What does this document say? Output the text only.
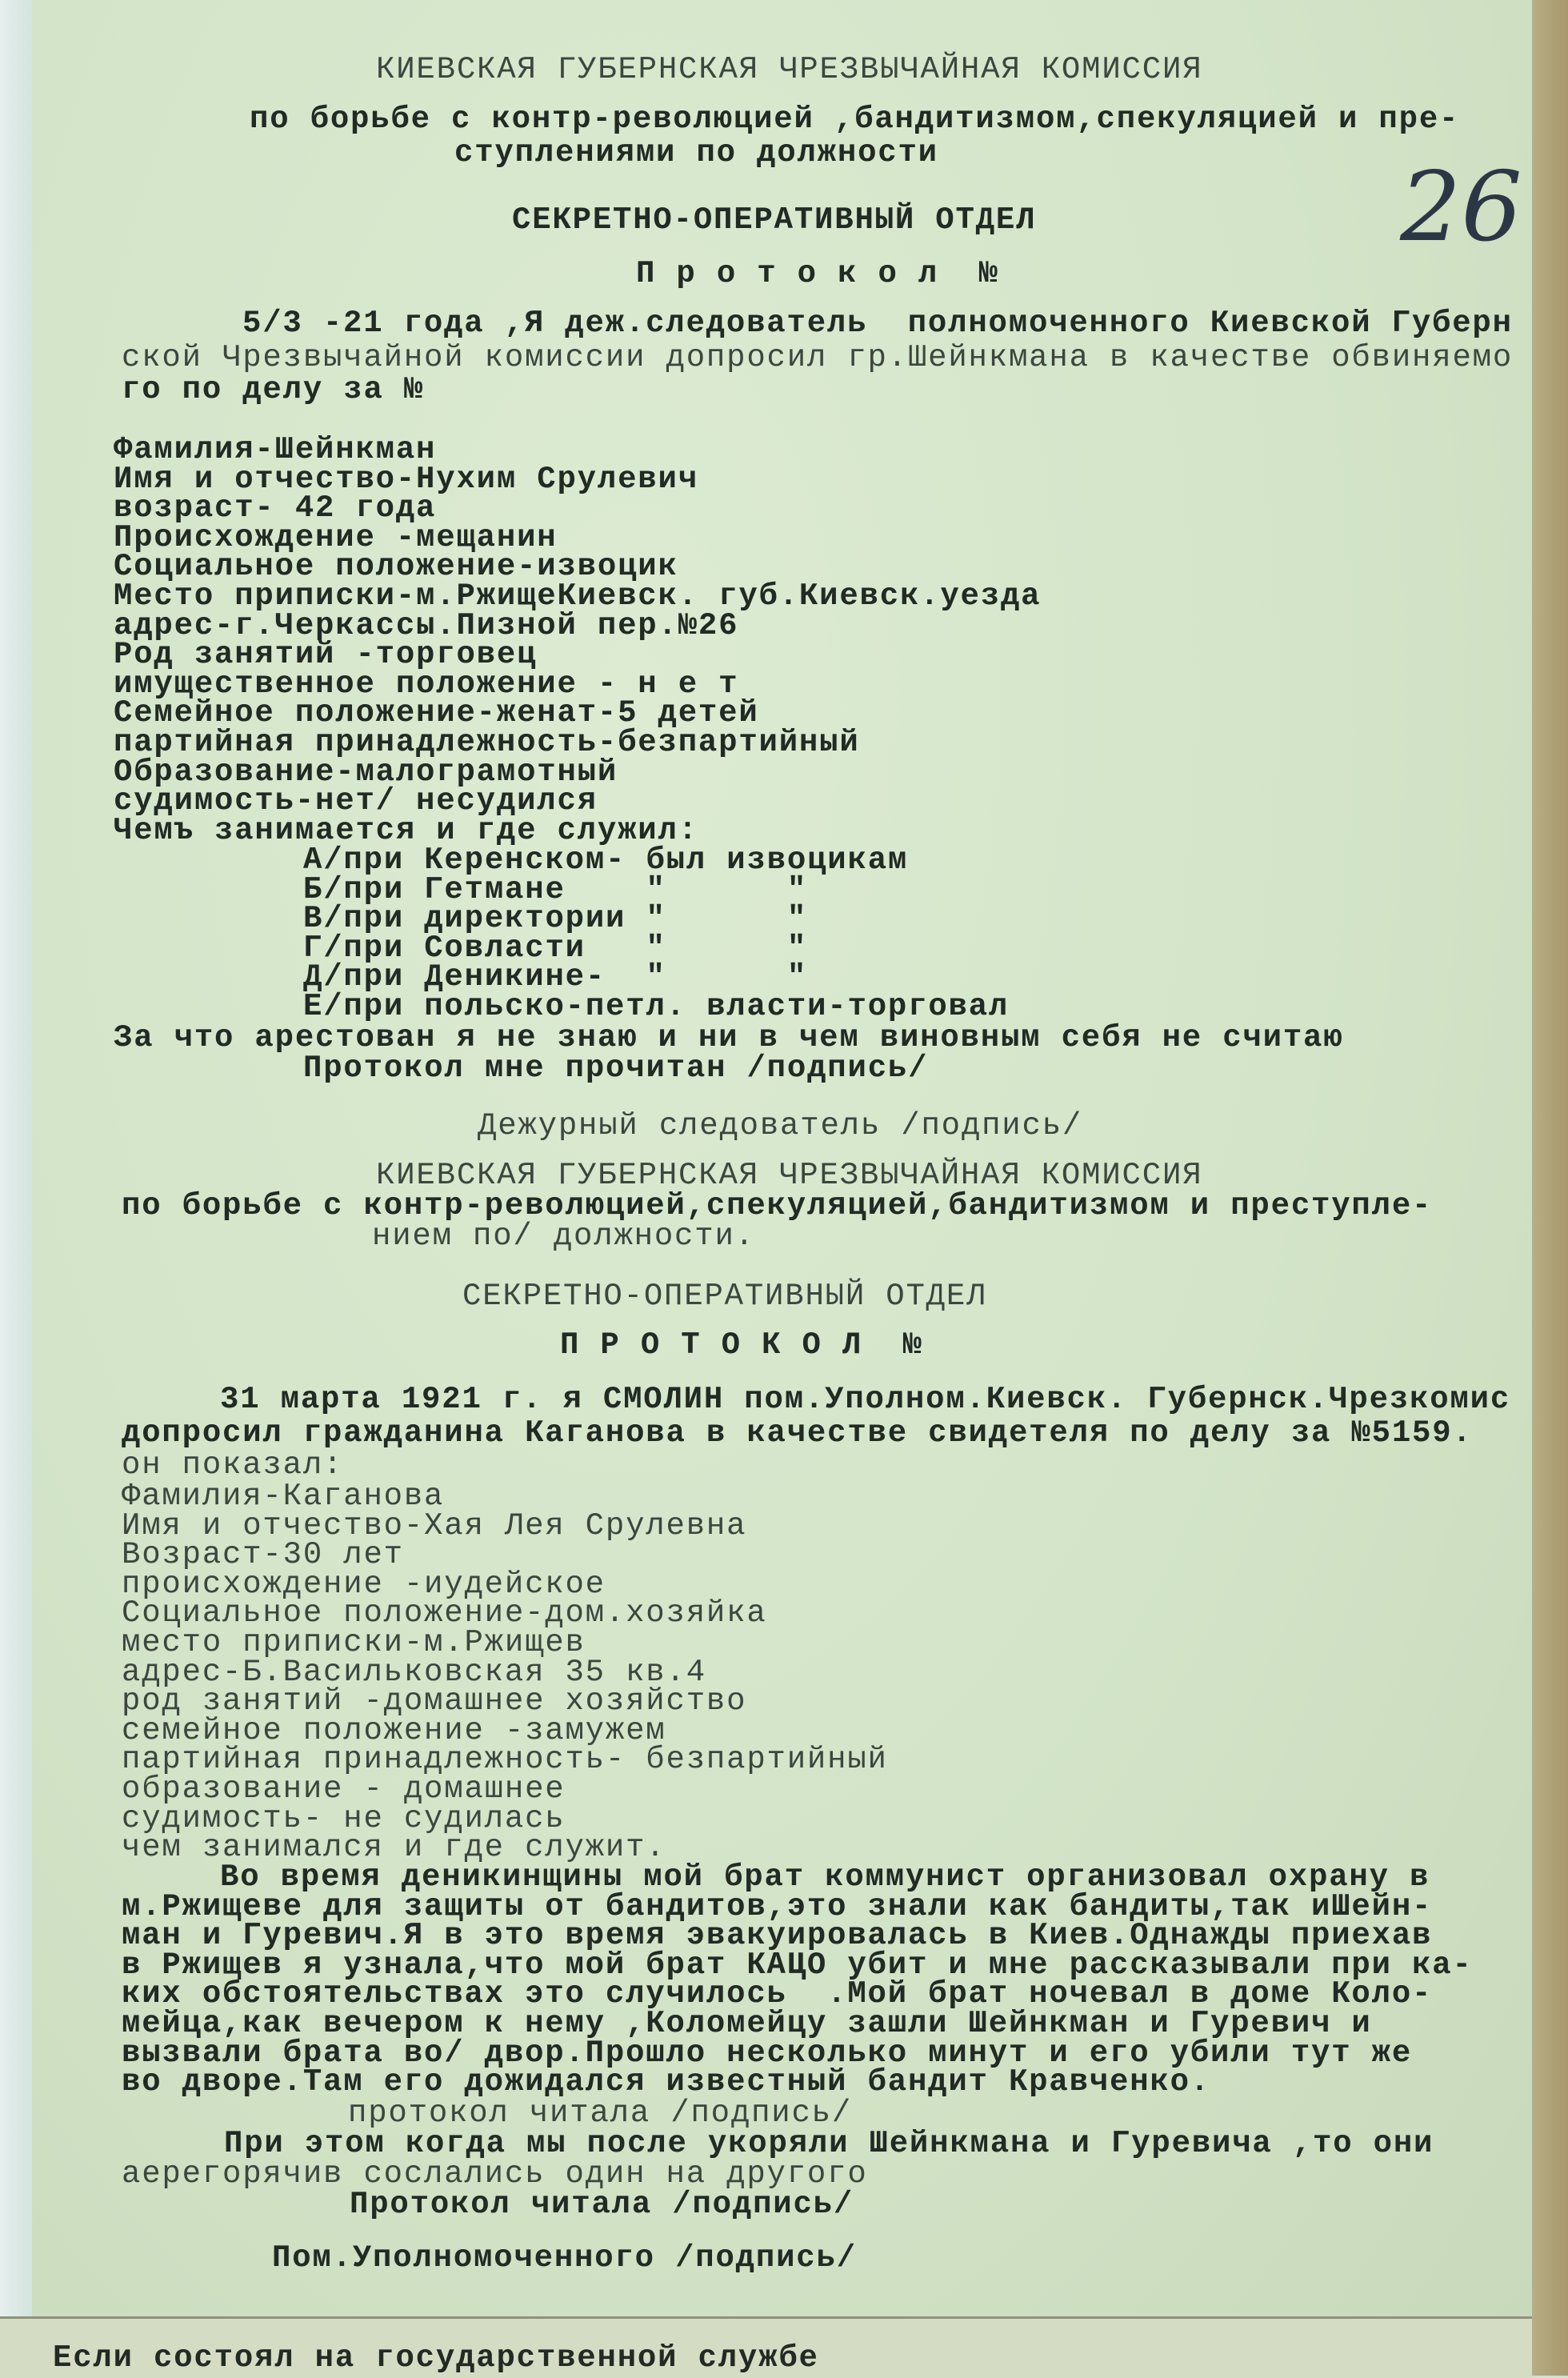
26
КИЕВСКАЯ ГУБЕРНСКАЯ ЧРЕЗВЫЧАЙНАЯ КОМИССИЯ
по борьбе с контр-революцией ,бандитизмом,спекуляцией и пре-
ступлениями по должности
СЕКРЕТНО-ОПЕРАТИВНЫЙ ОТДЕЛ
П р о т о к о л  №
5/3 -21 года ,Я деж.следователь  полномоченного Киевской Губерн
ской Чрезвычайной комиссии допросил гр.Шейнкмана в качестве обвиняемо
го по делу за №
Фамилия-Шейнкман
Имя и отчество-Нухим Срулевич
возраст- 42 года
Происхождение -мещанин
Социальное положение-извоцик
Место приписки-м.РжищеКиевск. губ.Киевск.уезда
адрес-г.Черкассы.Пизной пер.№26
Род занятий -торговец
имущественное положение - н е т
Семейное положение-женат-5 детей
партийная принадлежность-безпартийный
Образование-малограмотный
судимость-нет/ несудился
Чемъ занимается и где служил:
А/при Керенском- был извоцикам
Б/при Гетмане    "      "
В/при директории "      "
Г/при Совласти   "      "
Д/при Деникине-  "      "
Е/при польско-петл. власти-торговал
За что арестован я не знаю и ни в чем виновным себя не считаю
Протокол мне прочитан /подпись/
Дежурный следователь /подпись/
КИЕВСКАЯ ГУБЕРНСКАЯ ЧРЕЗВЫЧАЙНАЯ КОМИССИЯ
по борьбе с контр-революцией,спекуляцией,бандитизмом и преступле-
нием по/ должности.
СЕКРЕТНО-ОПЕРАТИВНЫЙ ОТДЕЛ
П Р О Т О К О Л  №
31 марта 1921 г. я СМОЛИН пом.Уполном.Киевск. Губернск.Чрезкомис
допросил гражданина Каганова в качестве свидетеля по делу за №5159.
он показал:
Фамилия-Каганова
Имя и отчество-Хая Лея Срулевна
Возраст-30 лет
происхождение -иудейское
Социальное положение-дом.хозяйка
место приписки-м.Ржищев
адрес-Б.Васильковская 35 кв.4
род занятий -домашнее хозяйство
семейное положение -замужем
партийная принадлежность- безпартийный
образование - домашнее
судимость- не судилась
чем занимался и где служит.
Во время деникинщины мой брат коммунист организовал охрану в
м.Ржищеве для защиты от бандитов,это знали как бандиты,так иШейн-
ман и Гуревич.Я в это время эвакуировалась в Киев.Однажды приехав
в Ржищев я узнала,что мой брат КАЦО убит и мне рассказывали при ка-
ких обстоятельствах это случилось  .Мой брат ночевал в доме Коло-
мейца,как вечером к нему ,Коломейцу зашли Шейнкман и Гуревич и
вызвали брата во/ двор.Прошло несколько минут и его убили тут же
во дворе.Там его дожидался известный бандит Кравченко.
протокол читала /подпись/
При этом когда мы после укоряли Шейнкмана и Гуревича ,то они
аерегорячив сослались один на другого
Протокол читала /подпись/
Пом.Уполномоченного /подпись/
Если состоял на государственной службе
